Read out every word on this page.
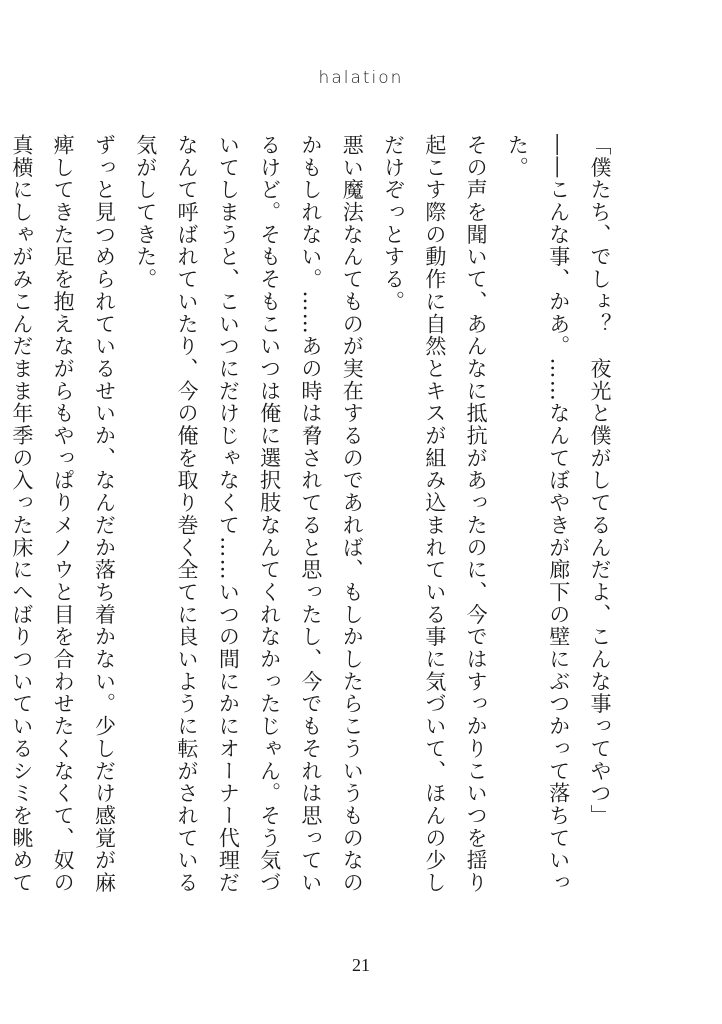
halation

「僕たち、でしょ？　夜光と僕がしてるんだよ、こんな事ってやつ」

――こんな事、かあ。……なんてぼやきが廊下の壁にぶつかって落ちていった。

その声を聞いて、あんなに抵抗があったのに、今ではすっかりこいつを揺り起こす際の動作に自然とキスが組み込まれている事に気づいて、ほんの少しだけぞっとする。

悪い魔法なんてものが実在するのであれば、もしかしたらこういうものなのかもしれない。……あの時は脅されてると思ったし、今でもそれは思っているけど。そもそもこいつは俺に選択肢なんてくれなかったじゃん。そう気づいてしまうと、こいつにだけじゃなくて……いつの間にかにオーナー代理だなんて呼ばれていたり、今の俺を取り巻く全てに良いように転がされている気がしてきた。

ずっと見つめられているせいか、なんだか落ち着かない。少しだけ感覚が麻痺してきた足を抱えながらもやっぱりメノウと目を合わせたくなくて、奴の真横にしゃがみこんだまま年季の入った床にへばりついているシミを眺めて

21
